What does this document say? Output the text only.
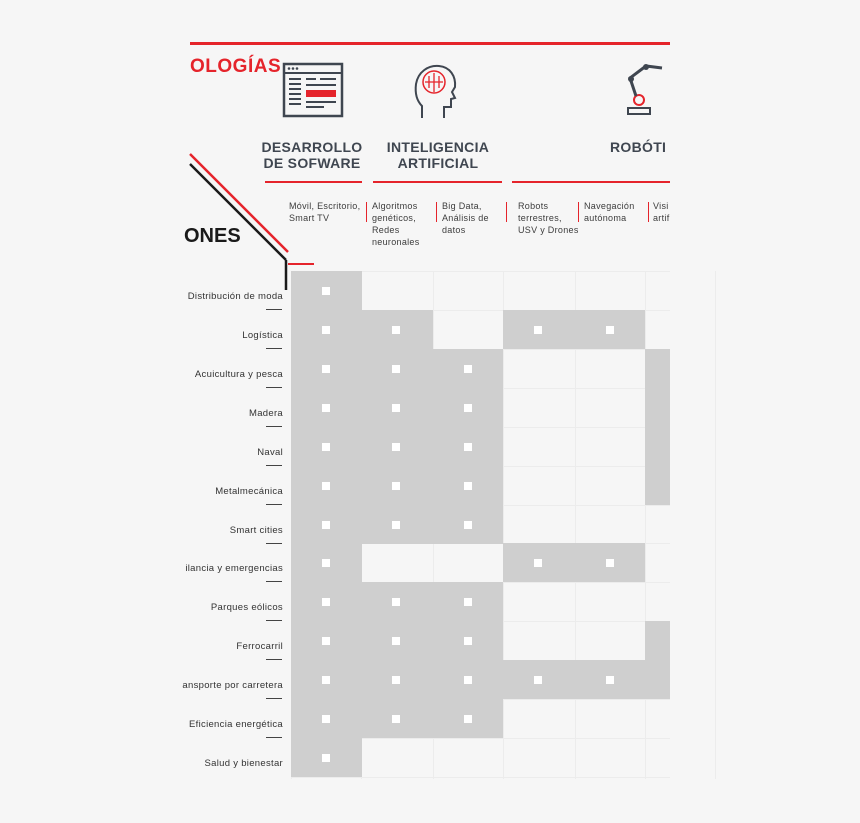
OLOGÍAS
DESARROLLO
DE SOFWARE
INTELIGENCIA
ARTIFICIAL
ROBÓTI
Móvil, Escritorio,
Smart TV
Algoritmos
genéticos,
Redes
neuronales
Big Data,
Análisis de
datos
Robots
terrestres,
USV y Drones
Navegación
autónoma
Visi
artif
ONES
Distribución de moda
Logística
Acuicultura y pesca
Madera
Naval
Metalmecánica
Smart cities
ilancia y emergencias
Parques eólicos
Ferrocarril
ansporte por carretera
Eficiencia energética
Salud y bienestar
